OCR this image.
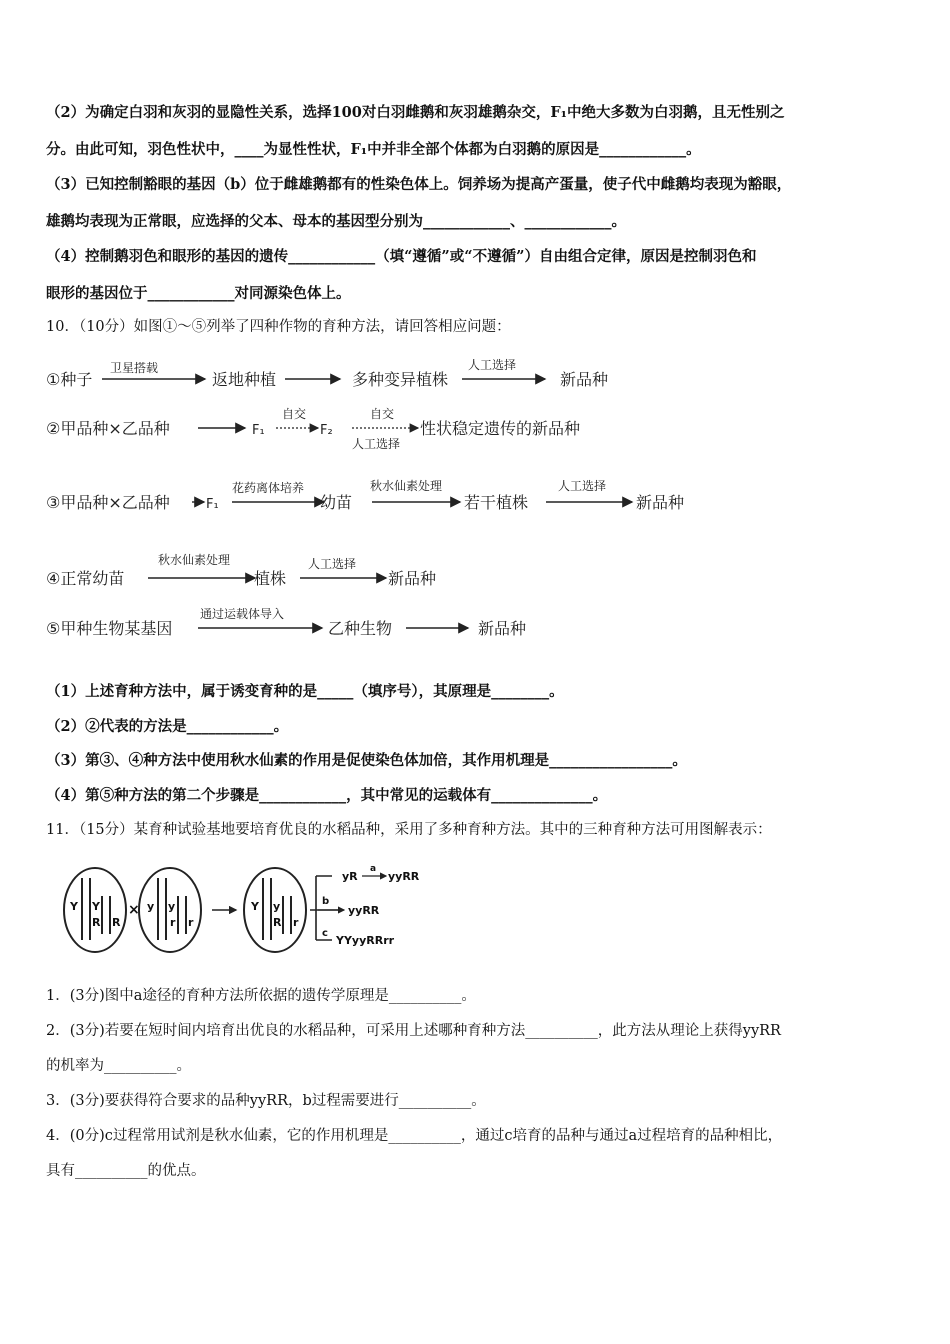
（2）为确定白羽和灰羽的显隐性关系，选择100对白羽雌鹅和灰羽雄鹅杂交，F₁中绝大多数为白羽鹅，且无性别之
分。由此可知，羽色性状中，____为显性性状，F₁中并非全部个体都为白羽鹅的原因是____________。
（3）已知控制豁眼的基因（b）位于雌雄鹅都有的性染色体上。饲养场为提高产蛋量，使子代中雌鹅均表现为豁眼，
雄鹅均表现为正常眼，应选择的父本、母本的基因型分别为____________、____________。
（4）控制鹅羽色和眼形的基因的遗传____________（填“遵循”或“不遵循”）自由组合定律，原因是控制羽色和
眼形的基因位于____________对同源染色体上。
10．（10分）如图①～⑤列举了四种作物的育种方法，请回答相应问题：
①种子
卫星搭载
返地种植	多种变异植株
人工选择
新品种
②甲品种×乙品种	F₁
自交
F₂
自交
人工选择
性状稳定遗传的新品种
③甲品种×乙品种	F₁
花药离体培养
幼苗
秋水仙素处理
若干植株
人工选择
新品种
④正常幼苗
秋水仙素处理
植株
人工选择
新品种
⑤甲种生物某基因
通过运载体导入
乙种生物	新品种
（1）上述育种方法中，属于诱变育种的是_____（填序号），其原理是________。
（2）②代表的方法是____________。
（3）第③、④种方法中使用秋水仙素的作用是促使染色体加倍，其作用机理是_________________。
（4）第⑤种方法的第二个步骤是____________，其中常见的运载体有______________。
11．（15分）某育种试验基地要培育优良的水稻品种，采用了多种育种方法。其中的三种育种方法可用图解表示：
Y Y
R R
× y y
r r
Y y
R r
yR
a
yyRR
b
yyRR
c
YYyyRRrr
1．(3分)图中a途径的育种方法所依据的遗传学原理是__________。
2．(3分)若要在短时间内培育出优良的水稻品种，可采用上述哪种育种方法__________，此方法从理论上获得yyRR
的机率为__________。
3．(3分)要获得符合要求的品种yyRR，b过程需要进行__________。
4．(0分)c过程常用试剂是秋水仙素，它的作用机理是__________，通过c培育的品种与通过a过程培育的品种相比，
具有__________的优点。
